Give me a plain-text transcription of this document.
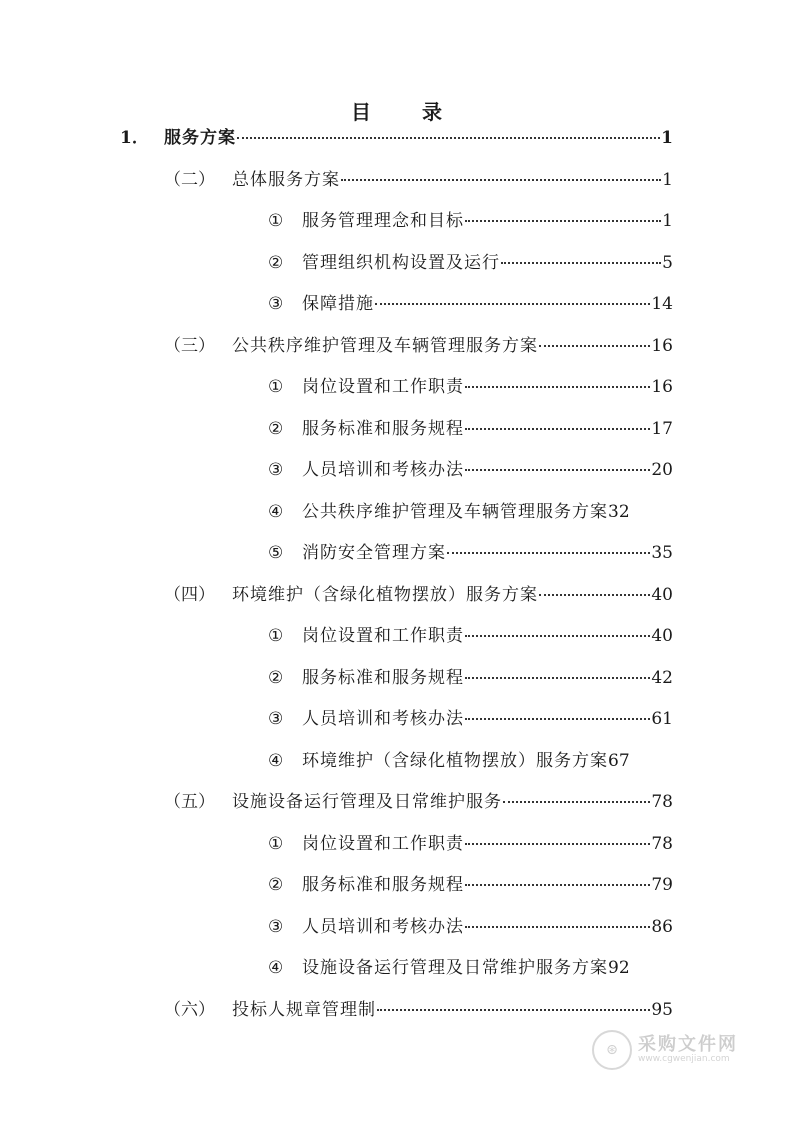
目 录
1． 服务方案	1
（二）	总体服务方案	1
①	服务管理理念和目标	1
②	管理组织机构设置及运行	5
③	保障措施	14
（三）	公共秩序维护管理及车辆管理服务方案	16
①	岗位设置和工作职责	16
②	服务标准和服务规程	17
③	人员培训和考核办法	20
④	公共秩序维护管理及车辆管理服务方案 32
⑤	消防安全管理方案	35
（四）	环境维护（含绿化植物摆放）服务方案	40
①	岗位设置和工作职责	40
②	服务标准和服务规程	42
③	人员培训和考核办法	61
④	环境维护（含绿化植物摆放）服务方案 67
（五）	设施设备运行管理及日常维护服务	78
①	岗位设置和工作职责	78
②	服务标准和服务规程	79
③	人员培训和考核办法	86
④	设施设备运行管理及日常维护服务方案 92
（六）	投标人规章管理制	95
⊛	采购文件网
www.cgwenjian.com
